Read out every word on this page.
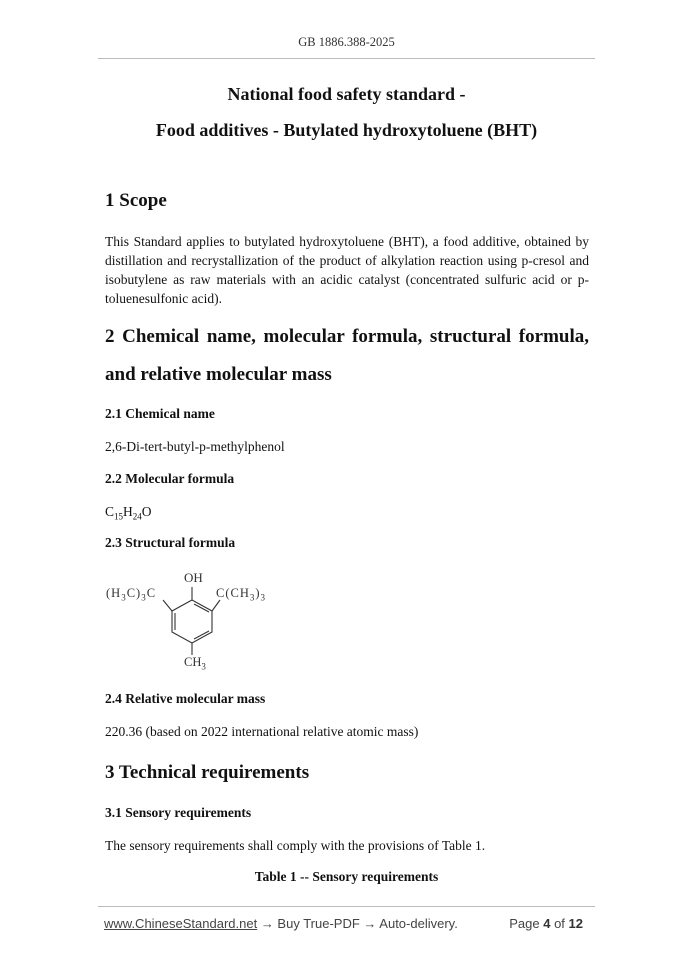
GB 1886.388-2025
National food safety standard -
Food additives - Butylated hydroxytoluene (BHT)
1 Scope
This Standard applies to butylated hydroxytoluene (BHT), a food additive, obtained by distillation and recrystallization of the product of alkylation reaction using p-cresol and isobutylene as raw materials with an acidic catalyst (concentrated sulfuric acid or p-toluenesulfonic acid).
2 Chemical name, molecular formula, structural formula,
and relative molecular mass
2.1 Chemical name
2,6-Di-tert-butyl-p-methylphenol
2.2 Molecular formula
$C_{15}H_{24}O$
2.3 Structural formula
OH
$(H_3C)_3C$	$C(CH_3)_3$
$CH_3$
2.4 Relative molecular mass
220.36 (based on 2022 international relative atomic mass)
3 Technical requirements
3.1 Sensory requirements
The sensory requirements shall comply with the provisions of Table 1.
Table 1 -- Sensory requirements
www.ChineseStandard.net → Buy True-PDF → Auto-delivery.	Page 4 of 12
